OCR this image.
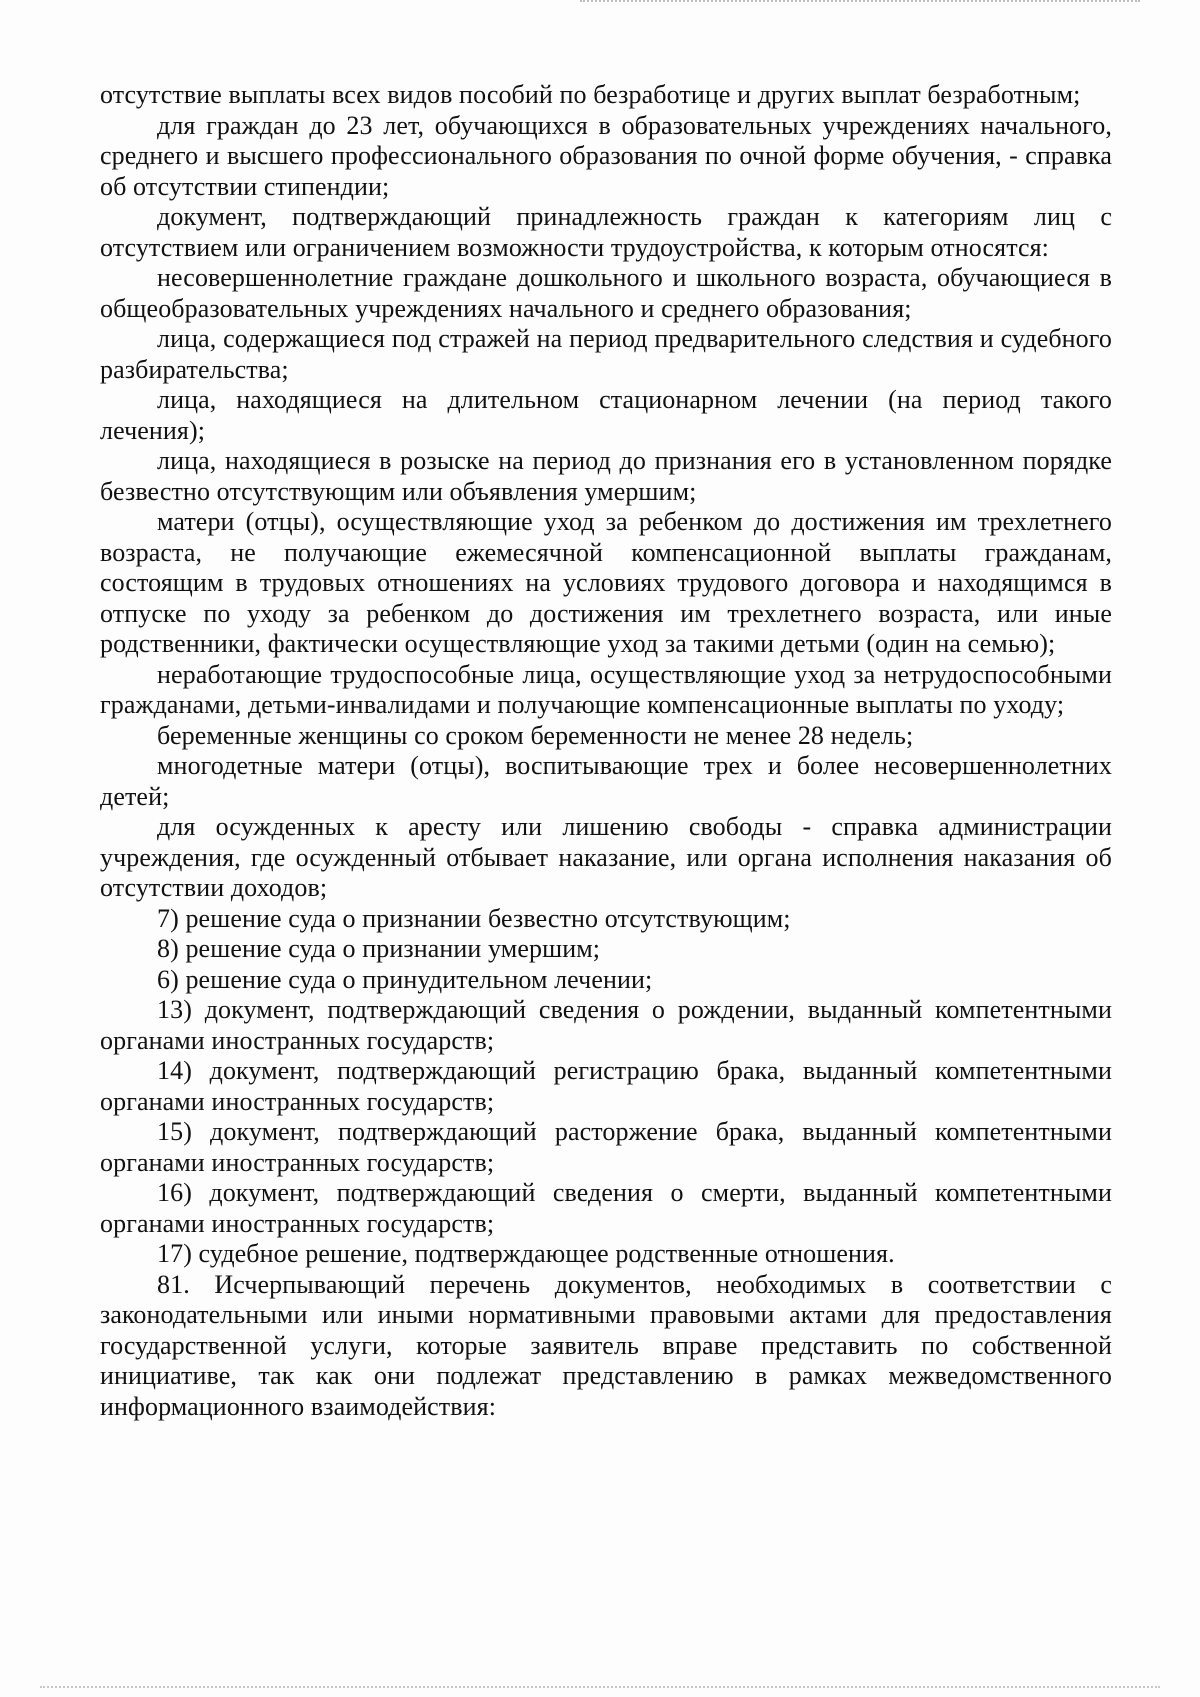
отсутствие выплаты всех видов пособий по безработице и других выплат безработным;

для граждан до 23 лет, обучающихся в образовательных учреждениях начального, среднего и высшего профессионального образования по очной форме обучения, - справка об отсутствии стипендии;

документ, подтверждающий принадлежность граждан к категориям лиц с отсутствием или ограничением возможности трудоустройства, к которым относятся:

несовершеннолетние граждане дошкольного и школьного возраста, обучающиеся в общеобразовательных учреждениях начального и среднего образования;

лица, содержащиеся под стражей на период предварительного следствия и судебного разбирательства;

лица, находящиеся на длительном стационарном лечении (на период такого лечения);

лица, находящиеся в розыске на период до признания его в установленном порядке безвестно отсутствующим или объявления умершим;

матери (отцы), осуществляющие уход за ребенком до достижения им трехлетнего возраста, не получающие ежемесячной компенсационной выплаты гражданам, состоящим в трудовых отношениях на условиях трудового договора и находящимся в отпуске по уходу за ребенком до достижения им трехлетнего возраста, или иные родственники, фактически осуществляющие уход за такими детьми (один на семью);

неработающие трудоспособные лица, осуществляющие уход за нетрудоспособными гражданами, детьми-инвалидами и получающие компенсационные выплаты по уходу;

беременные женщины со сроком беременности не менее 28 недель;

многодетные матери (отцы), воспитывающие трех и более несовершеннолетних детей;

для осужденных к аресту или лишению свободы - справка администрации учреждения, где осужденный отбывает наказание, или органа исполнения наказания об отсутствии доходов;

7) решение суда о признании безвестно отсутствующим;

8) решение суда о признании умершим;

6) решение суда о принудительном лечении;

13) документ, подтверждающий сведения о рождении, выданный компетентными органами иностранных государств;

14) документ, подтверждающий регистрацию брака, выданный компетентными органами иностранных государств;

15) документ, подтверждающий расторжение брака, выданный компетентными органами иностранных государств;

16) документ, подтверждающий сведения о смерти, выданный компетентными органами иностранных государств;

17) судебное решение, подтверждающее родственные отношения.

81. Исчерпывающий перечень документов, необходимых в соответствии с законодательными или иными нормативными правовыми актами для предоставления государственной услуги, которые заявитель вправе представить по собственной инициативе, так как они подлежат представлению в рамках межведомственного информационного взаимодействия:
